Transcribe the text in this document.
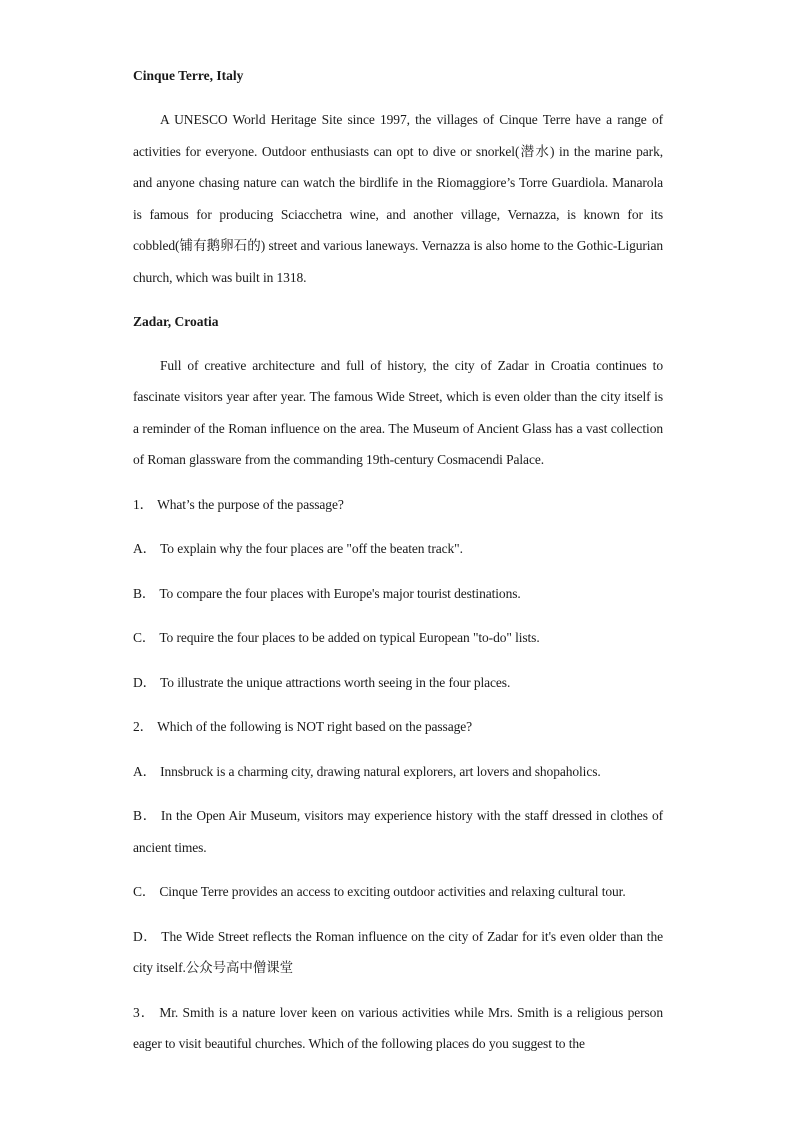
Cinque Terre, Italy

A UNESCO World Heritage Site since 1997, the villages of Cinque Terre have a range of activities for everyone. Outdoor enthusiasts can opt to dive or snorkel(潜水) in the marine park, and anyone chasing nature can watch the birdlife in the Riomaggiore’s Torre Guardiola. Manarola is famous for producing Sciacchetra wine, and another village, Vernazza, is known for its cobbled(铺有鹅卵石的) street and various laneways. Vernazza is also home to the Gothic-Ligurian church, which was built in 1318.

Zadar, Croatia

Full of creative architecture and full of history, the city of Zadar in Croatia continues to fascinate visitors year after year. The famous Wide Street, which is even older than the city itself is a reminder of the Roman influence on the area. The Museum of Ancient Glass has a vast collection of Roman glassware from the commanding 19th-century Cosmacendi Palace.

1． What’s the purpose of the passage?

A． To explain why the four places are "off the beaten track".

B． To compare the four places with Europe's major tourist destinations.

C． To require the four places to be added on typical European "to-do" lists.

D． To illustrate the unique attractions worth seeing in the four places.

2． Which of the following is NOT right based on the passage?

A． Innsbruck is a charming city, drawing natural explorers, art lovers and shopaholics.

B． In the Open Air Museum, visitors may experience history with the staff dressed in clothes of ancient times.

C． Cinque Terre provides an access to exciting outdoor activities and relaxing cultural tour.

D． The Wide Street reflects the Roman influence on the city of Zadar for it's even older than the city itself.公众号高中僧课堂

3． Mr. Smith is a nature lover keen on various activities while Mrs. Smith is a religious person eager to visit beautiful churches. Which of the following places do you suggest to the
